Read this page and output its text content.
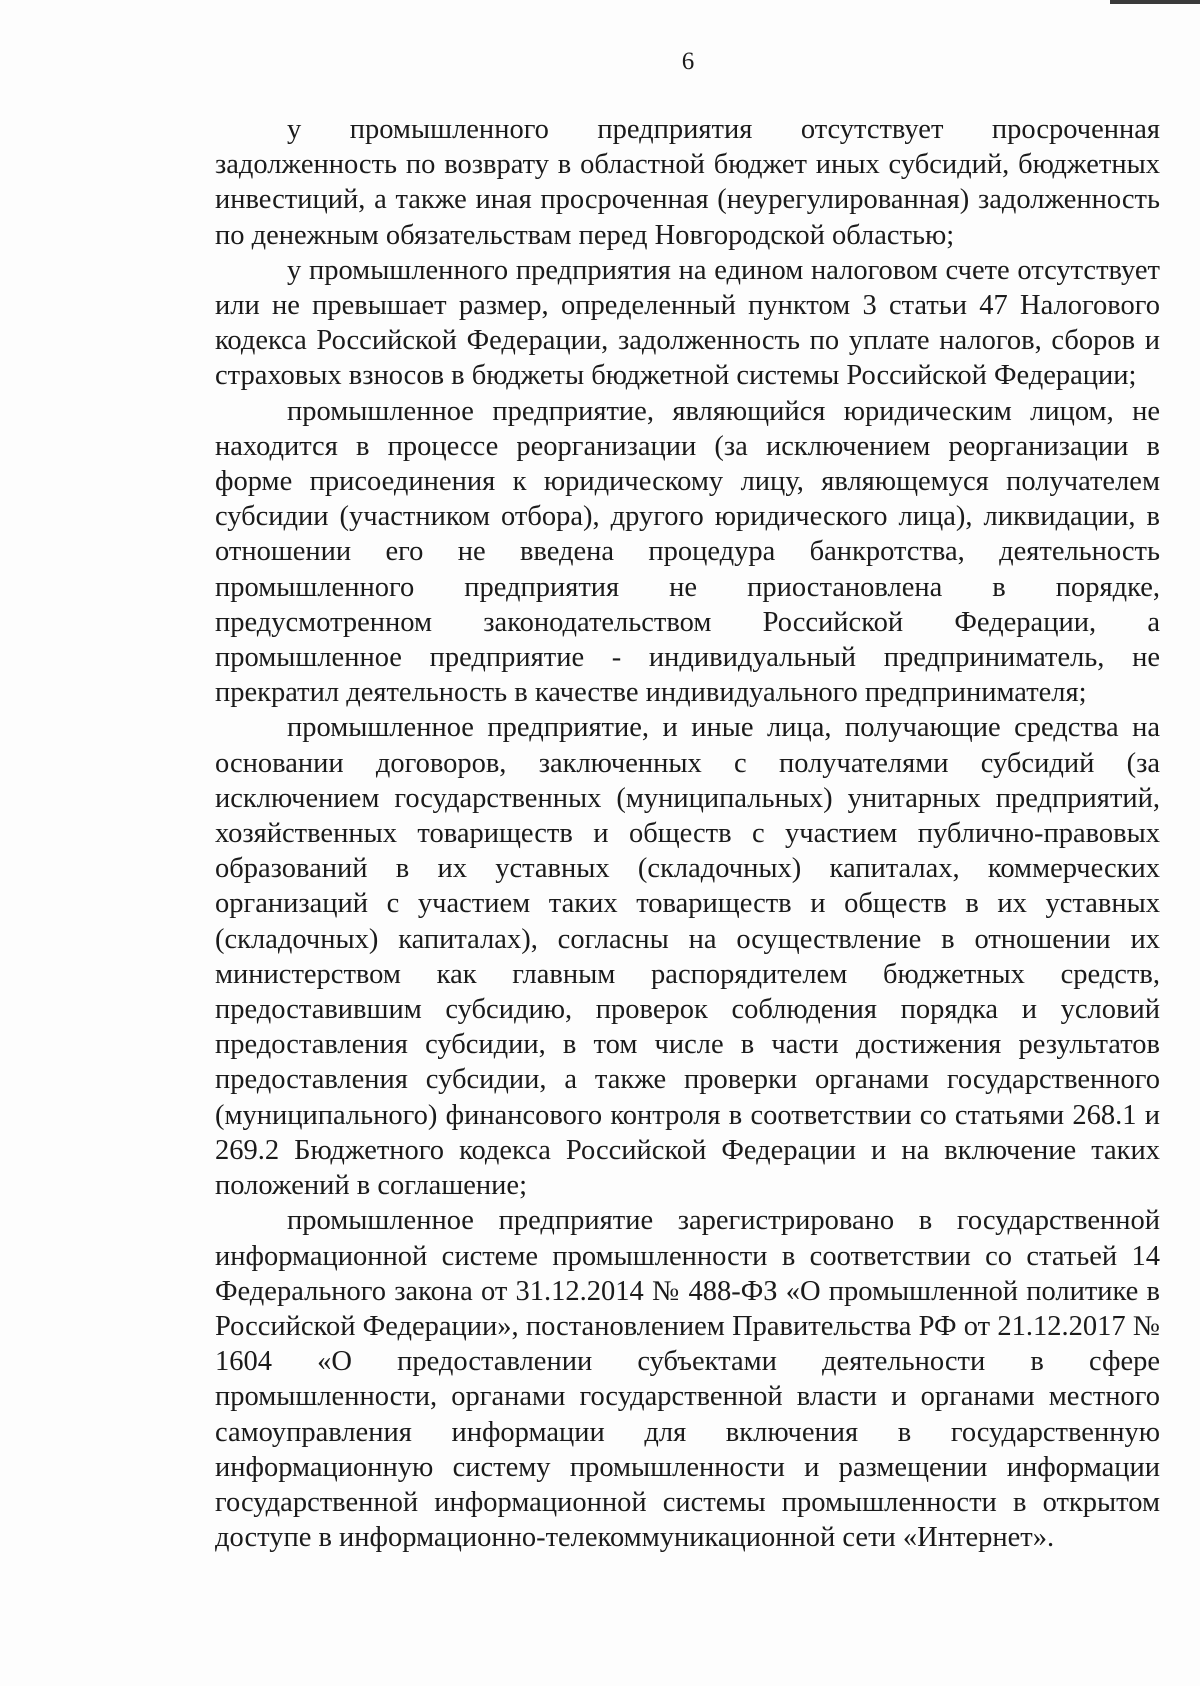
6

у промышленного предприятия отсутствует просроченная задолженность по возврату в областной бюджет иных субсидий, бюджетных инвестиций, а также иная просроченная (неурегулированная) задолженность по денежным обязательствам перед Новгородской областью;

у промышленного предприятия на едином налоговом счете отсутствует или не превышает размер, определенный пунктом 3 статьи 47 Налогового кодекса Российской Федерации, задолженность по уплате налогов, сборов и страховых взносов в бюджеты бюджетной системы Российской Федерации;

промышленное предприятие, являющийся юридическим лицом, не находится в процессе реорганизации (за исключением реорганизации в форме присоединения к юридическому лицу, являющемуся получателем субсидии (участником отбора), другого юридического лица), ликвидации, в отношении его не введена процедура банкротства, деятельность промышленного предприятия не приостановлена в порядке, предусмотренном законодательством Российской Федерации, а промышленное предприятие - индивидуальный предприниматель, не прекратил деятельность в качестве индивидуального предпринимателя;

промышленное предприятие, и иные лица, получающие средства на основании договоров, заключенных с получателями субсидий (за исключением государственных (муниципальных) унитарных предприятий, хозяйственных товариществ и обществ с участием публично-правовых образований в их уставных (складочных) капиталах, коммерческих организаций с участием таких товариществ и обществ в их уставных (складочных) капиталах), согласны на осуществление в отношении их министерством как главным распорядителем бюджетных средств, предоставившим субсидию, проверок соблюдения порядка и условий предоставления субсидии, в том числе в части достижения результатов предоставления субсидии, а также проверки органами государственного (муниципального) финансового контроля в соответствии со статьями 268.1 и 269.2 Бюджетного кодекса Российской Федерации и на включение таких положений в соглашение;

промышленное предприятие зарегистрировано в государственной информационной системе промышленности в соответствии со статьей 14 Федерального закона от 31.12.2014 № 488-ФЗ «О промышленной политике в Российской Федерации», постановлением Правительства РФ от 21.12.2017 № 1604 «О предоставлении субъектами деятельности в сфере промышленности, органами государственной власти и органами местного самоуправления информации для включения в государственную информационную систему промышленности и размещении информации государственной информационной системы промышленности в открытом доступе в информационно-телекоммуникационной сети «Интернет».
